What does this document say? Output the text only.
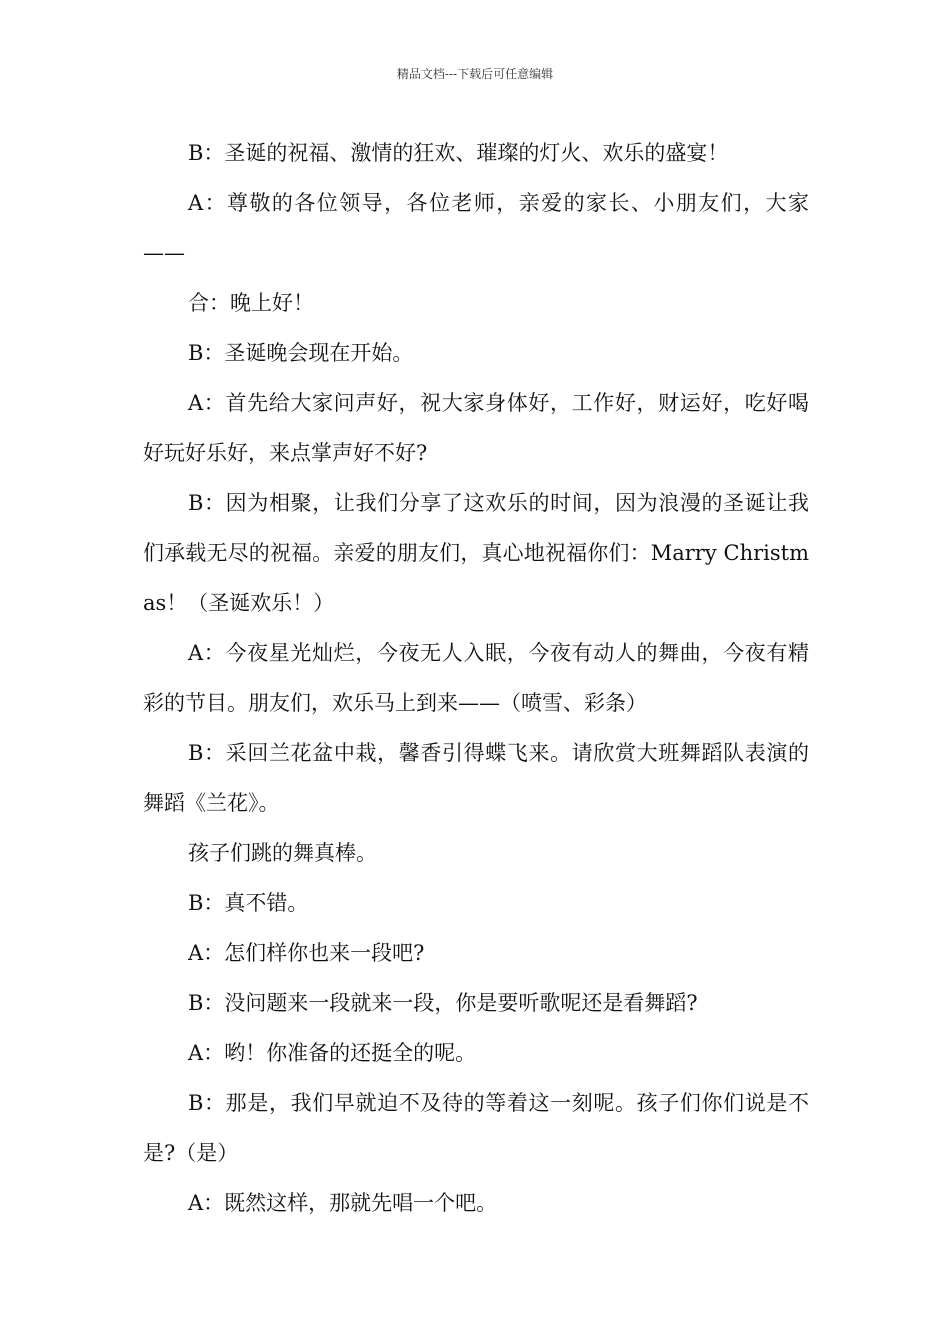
精品文档---下载后可任意编辑

B：圣诞的祝福、激情的狂欢、璀璨的灯火、欢乐的盛宴！

A：尊敬的各位领导，各位老师，亲爱的家长、小朋友们，大家——

合：晚上好！

B：圣诞晚会现在开始。

A：首先给大家问声好，祝大家身体好，工作好，财运好，吃好喝好玩好乐好，来点掌声好不好?

B：因为相聚，让我们分享了这欢乐的时间，因为浪漫的圣诞让我们承载无尽的祝福。亲爱的朋友们，真心地祝福你们：Marry Christmas！（圣诞欢乐！）

A：今夜星光灿烂，今夜无人入眠，今夜有动人的舞曲，今夜有精彩的节目。朋友们，欢乐马上到来——（喷雪、彩条）

B：采回兰花盆中栽，馨香引得蝶飞来。请欣赏大班舞蹈队表演的舞蹈《兰花》。

孩子们跳的舞真棒。

B：真不错。

A：怎们样你也来一段吧?

B：没问题来一段就来一段，你是要听歌呢还是看舞蹈?

A：哟！你准备的还挺全的呢。

B：那是，我们早就迫不及待的等着这一刻呢。孩子们你们说是不是?（是）

A：既然这样，那就先唱一个吧。
